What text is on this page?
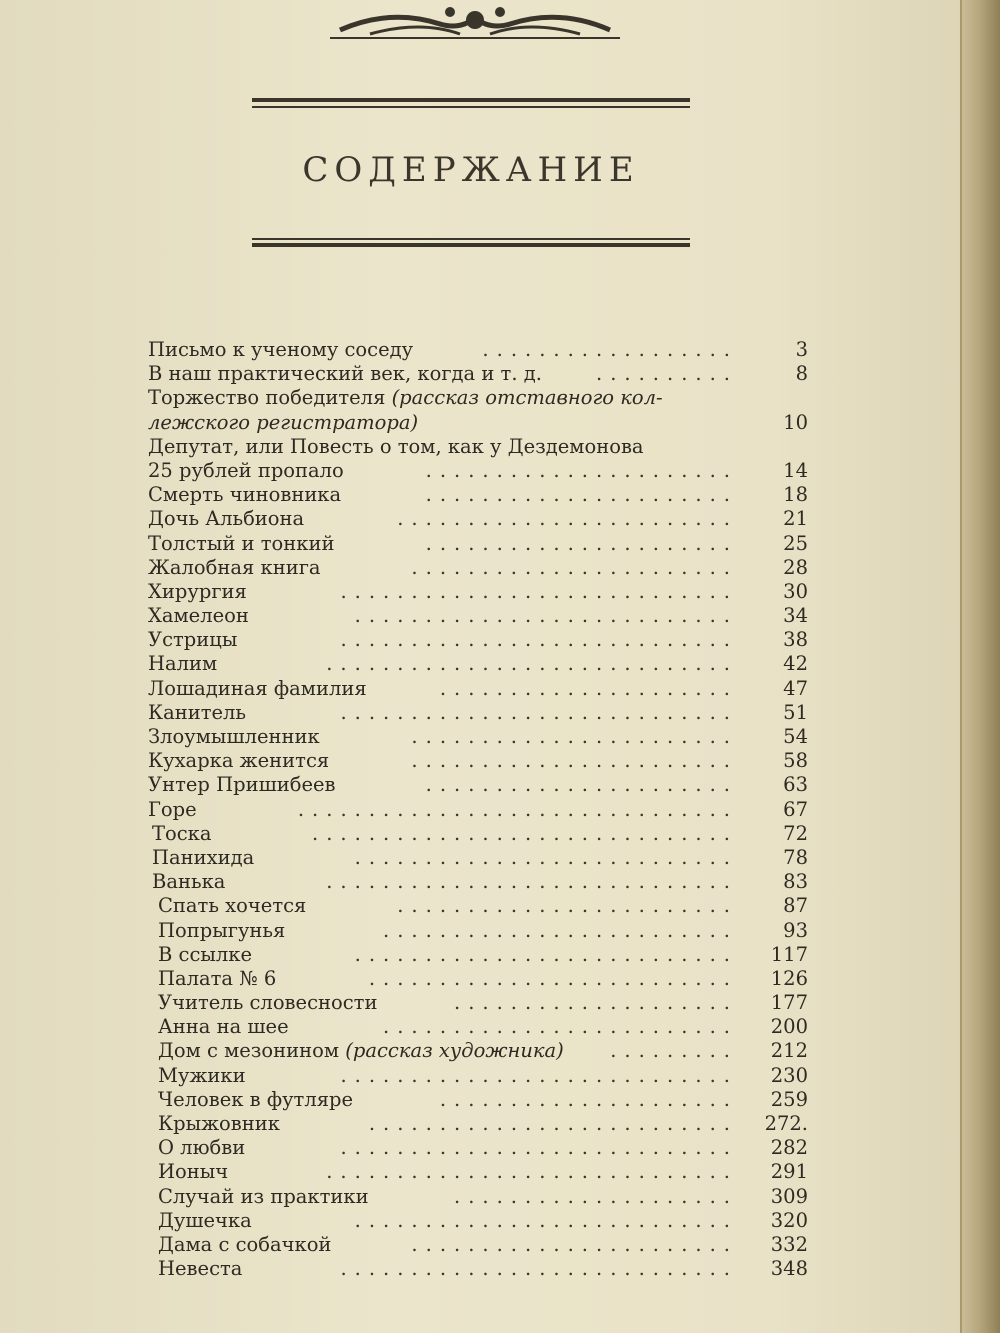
СОДЕРЖАНИЕ
Письмо к ученому соседу	3
..................
В наш практический век, когда и т. д.	8
..........
Торжество победителя (рассказ отставного кол-
лежского регистратора)	10
Депутат, или Повесть о том, как у Дездемонова
25 рублей пропало	14
......................
Смерть чиновника	18
......................
Дочь Альбиона	21
........................
Толстый и тонкий	25
......................
Жалобная книга	28
.......................
Хирургия	30
............................
Хамелеон	34
...........................
Устрицы	38
............................
Налим	42
.............................
Лошадиная фамилия	47
.....................
Канитель	51
............................
Злоумышленник	54
.......................
Кухарка женится	58
.......................
Унтер Пришибеев	63
......................
Горе	67
...............................
Тоска	72
..............................
Панихида	78
...........................
Ванька	83
.............................
Спать хочется	87
........................
Попрыгунья	93
.........................
В ссылке	117
...........................
Палата № 6	126
..........................
Учитель словесности	177
....................
Анна на шее	200
.........................
Дом с мезонином (рассказ художника)	212
.........
Мужики	230
............................
Человек в футляре	259
.....................
Крыжовник	272.
..........................
О любви	282
............................
Ионыч	291
.............................
Случай из практики	309
....................
Душечка	320
...........................
Дама с собачкой	332
.......................
Невеста	348
............................
